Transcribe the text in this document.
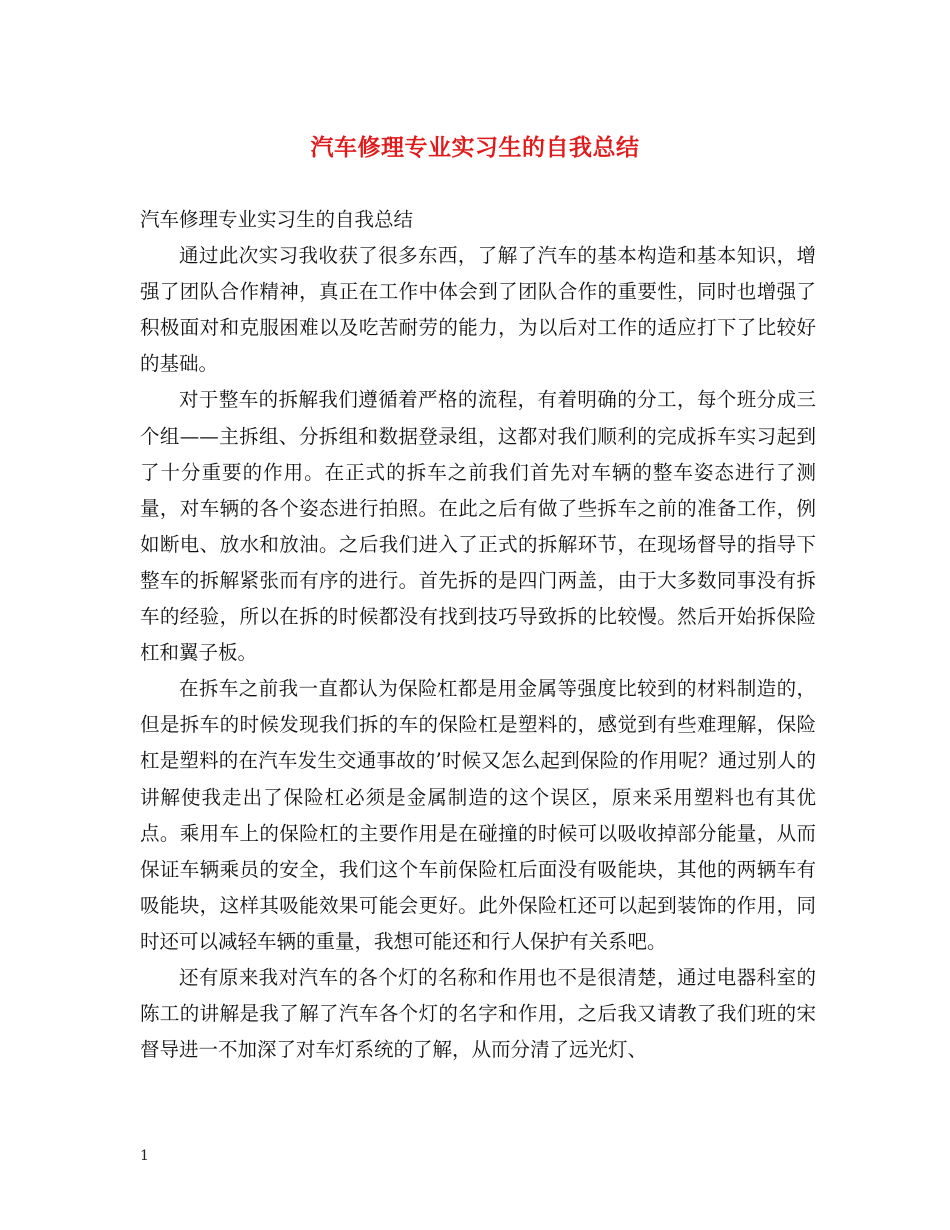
汽车修理专业实习生的自我总结

汽车修理专业实习生的自我总结

通过此次实习我收获了很多东西，了解了汽车的基本构造和基本知识，增强了团队合作精神，真正在工作中体会到了团队合作的重要性，同时也增强了积极面对和克服困难以及吃苦耐劳的能力，为以后对工作的适应打下了比较好的基础。

对于整车的拆解我们遵循着严格的流程，有着明确的分工，每个班分成三个组——主拆组、分拆组和数据登录组，这都对我们顺利的完成拆车实习起到了十分重要的作用。在正式的拆车之前我们首先对车辆的整车姿态进行了测量，对车辆的各个姿态进行拍照。在此之后有做了些拆车之前的准备工作，例如断电、放水和放油。之后我们进入了正式的拆解环节，在现场督导的指导下整车的拆解紧张而有序的进行。首先拆的是四门两盖，由于大多数同事没有拆车的经验，所以在拆的时候都没有找到技巧导致拆的比较慢。然后开始拆保险杠和翼子板。

在拆车之前我一直都认为保险杠都是用金属等强度比较到的材料制造的，但是拆车的时候发现我们拆的车的保险杠是塑料的，感觉到有些难理解，保险杠是塑料的在汽车发生交通事故的’时候又怎么起到保险的作用呢？通过别人的讲解使我走出了保险杠必须是金属制造的这个误区，原来采用塑料也有其优点。乘用车上的保险杠的主要作用是在碰撞的时候可以吸收掉部分能量，从而保证车辆乘员的安全，我们这个车前保险杠后面没有吸能块，其他的两辆车有吸能块，这样其吸能效果可能会更好。此外保险杠还可以起到装饰的作用，同时还可以减轻车辆的重量，我想可能还和行人保护有关系吧。

还有原来我对汽车的各个灯的名称和作用也不是很清楚，通过电器科室的陈工的讲解是我了解了汽车各个灯的名字和作用，之后我又请教了我们班的宋督导进一不加深了对车灯系统的了解，从而分清了远光灯、

1
